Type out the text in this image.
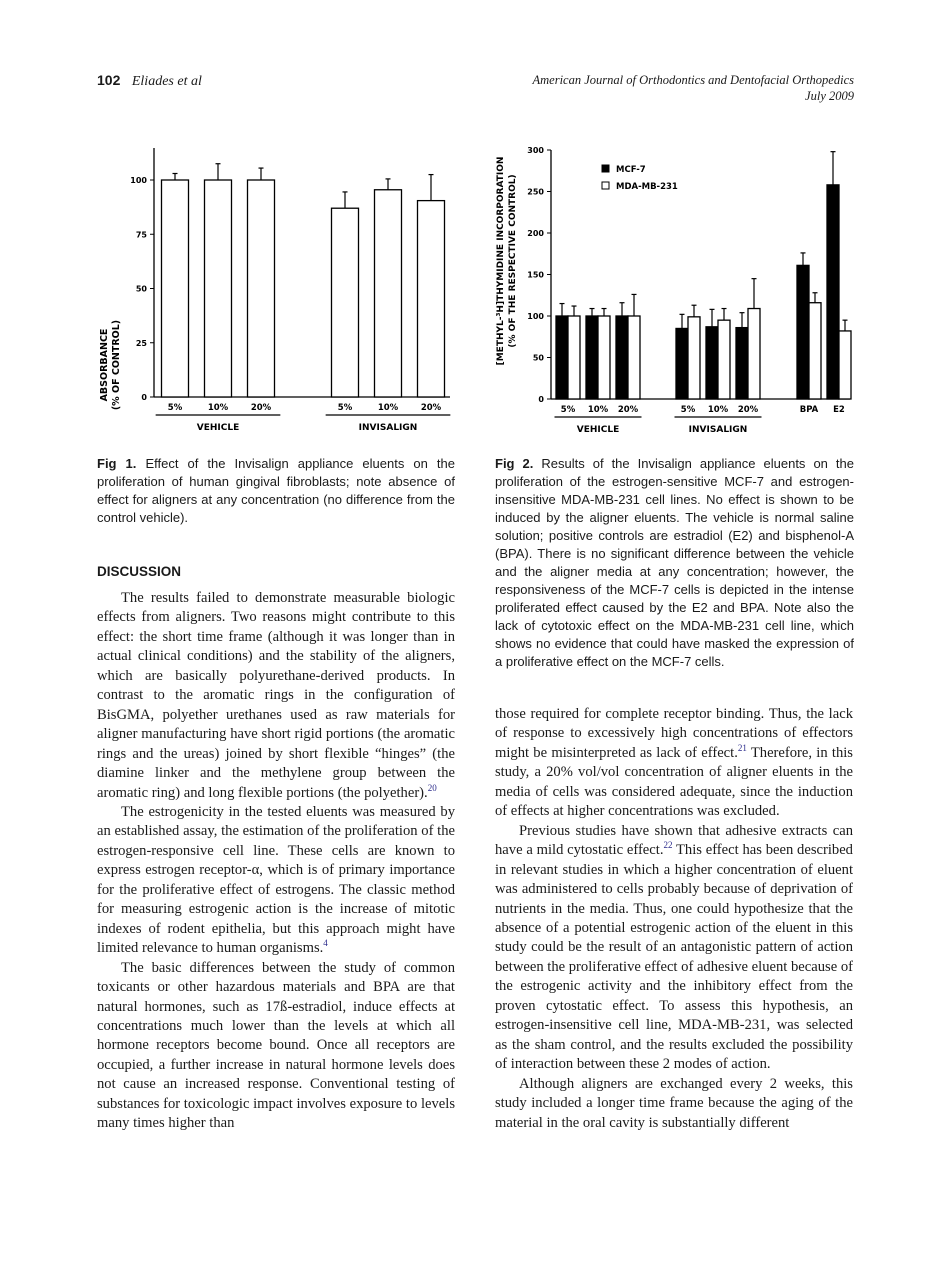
102 Eliades et al	American Journal of Orthodontics and Dentofacial Orthopedics
July 2009
ABSORBANCE (% OF CONTROL) 0
25
50
75
100
5%	10%	20%
VEHICLE
5%	10%	20%
INVISALIGN
[METHYL-³H]THYMIDINE INCORPORATION (% OF THE RESPECTIVE CONTROL)
0
50
100
150
200
250
300
5% 10% 20%
VEHICLE
5% 10% 20%
INVISALIGN
BPA E2
MCF-7
MDA-MB-231
Fig 1. Effect of the Invisalign appliance eluents on the proliferation of human gingival fibroblasts; note absence of effect for aligners at any concentration (no difference from the control vehicle).
Fig 2. Results of the Invisalign appliance eluents on the proliferation of the estrogen-sensitive MCF-7 and estrogen-insensitive MDA-MB-231 cell lines. No effect is shown to be induced by the aligner eluents. The vehicle is normal saline solution; positive controls are estradiol (E2) and bisphenol-A (BPA). There is no significant difference between the vehicle and the aligner media at any concentration; however, the responsiveness of the MCF-7 cells is depicted in the intense proliferated effect caused by the E2 and BPA. Note also the lack of cytotoxic effect on the MDA-MB-231 cell line, which shows no evidence that could have masked the expression of a proliferative effect on the MCF-7 cells.
DISCUSSION

The results failed to demonstrate measurable biologic effects from aligners. Two reasons might contribute to this effect: the short time frame (although it was longer than in actual clinical conditions) and the stability of the aligners, which are basically polyurethane-derived products. In contrast to the aromatic rings in the configuration of BisGMA, polyether urethanes used as raw materials for aligner manufacturing have short rigid portions (the aromatic rings and the ureas) joined by short flexible “hinges” (the diamine linker and the methylene group between the aromatic ring) and long flexible portions (the polyether).$^{20}$

The estrogenicity in the tested eluents was measured by an established assay, the estimation of the proliferation of the estrogen-responsive cell line. These cells are known to express estrogen receptor-α, which is of primary importance for the proliferative effect of estrogens. The classic method for measuring estrogenic action is the increase of mitotic indexes of rodent epithelia, but this approach might have limited relevance to human organisms.$^4$

The basic differences between the study of common toxicants or other hazardous materials and BPA are that natural hormones, such as 17ß-estradiol, induce effects at concentrations much lower than the levels at which all hormone receptors become bound. Once all receptors are occupied, a further increase in natural hormone levels does not cause an increased response. Conventional testing of substances for toxicologic impact involves exposure to levels many times higher than

those required for complete receptor binding. Thus, the lack of response to excessively high concentrations of effectors might be misinterpreted as lack of effect.$^{21}$ Therefore, in this study, a 20% vol/vol concentration of aligner eluents in the media of cells was considered adequate, since the induction of effects at higher concentrations was excluded.

Previous studies have shown that adhesive extracts can have a mild cytostatic effect.$^{22}$ This effect has been described in relevant studies in which a higher concentration of eluent was administered to cells probably because of deprivation of nutrients in the media. Thus, one could hypothesize that the absence of a potential estrogenic action of the eluent in this study could be the result of an antagonistic pattern of action between the proliferative effect of adhesive eluent because of the estrogenic activity and the inhibitory effect from the proven cytostatic effect. To assess this hypothesis, an estrogen-insensitive cell line, MDA-MB-231, was selected as the sham control, and the results excluded the possibility of interaction between these 2 modes of action.

Although aligners are exchanged every 2 weeks, this study included a longer time frame because the aging of the material in the oral cavity is substantially different
